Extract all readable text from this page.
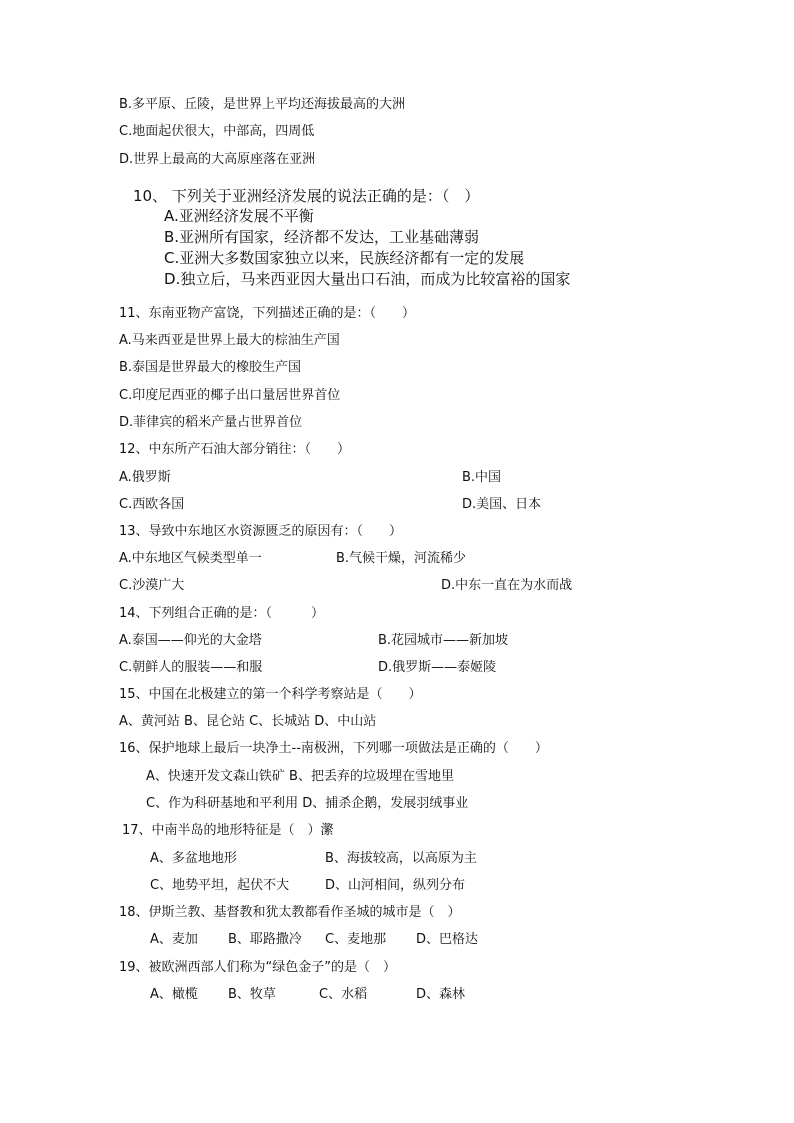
B.多平原、丘陵，是世界上平均还海拔最高的大洲
C.地面起伏很大，中部高，四周低
D.世界上最高的大高原座落在亚洲
10、 下列关于亚洲经济发展的说法正确的是：（　）
A.亚洲经济发展不平衡
B.亚洲所有国家，经济都不发达，工业基础薄弱
C.亚洲大多数国家独立以来，民族经济都有一定的发展
D.独立后，马来西亚因大量出口石油，而成为比较富裕的国家
11、东南亚物产富饶，下列描述正确的是：（　　）
A.马来西亚是世界上最大的棕油生产国
B.泰国是世界最大的橡胶生产国
C.印度尼西亚的椰子出口量居世界首位
D.菲律宾的稻米产量占世界首位
12、中东所产石油大部分销往：（　　）
A.俄罗斯	B.中国
C.西欧各国	D.美国、日本
13、导致中东地区水资源匮乏的原因有：（　　）
A.中东地区气候类型单一	B.气候干燥，河流稀少
C.沙漠广大	D.中东一直在为水而战
14、下列组合正确的是：（　　　）
A.泰国——仰光的大金塔	B.花园城市——新加坡
C.朝鲜人的服装——和服	D.俄罗斯——泰姬陵
15、中国在北极建立的第一个科学考察站是（　　）
A、黄河站 B、昆仑站 C、长城站 D、中山站
16、保护地球上最后一块净土--南极洲，下列哪一项做法是正确的（　　）
A、快速开发文森山铁矿 B、把丢弃的垃圾埋在雪地里
C、作为科研基地和平利用 D、捕杀企鹅，发展羽绒事业
17、中南半岛的地形特征是（　）瀿
A、多盆地地形	B、海拔较高，以高原为主
C、地势平坦，起伏不大	D、山河相间，纵列分布
18、伊斯兰教、基督教和犹太教都看作圣城的城市是（　）
A、麦加 B、耶路撒冷 C、麦地那 D、巴格达
19、被欧洲西部人们称为“绿色金子”的是（　）
A、橄榄 B、牧草	C、水稻	D、森林
